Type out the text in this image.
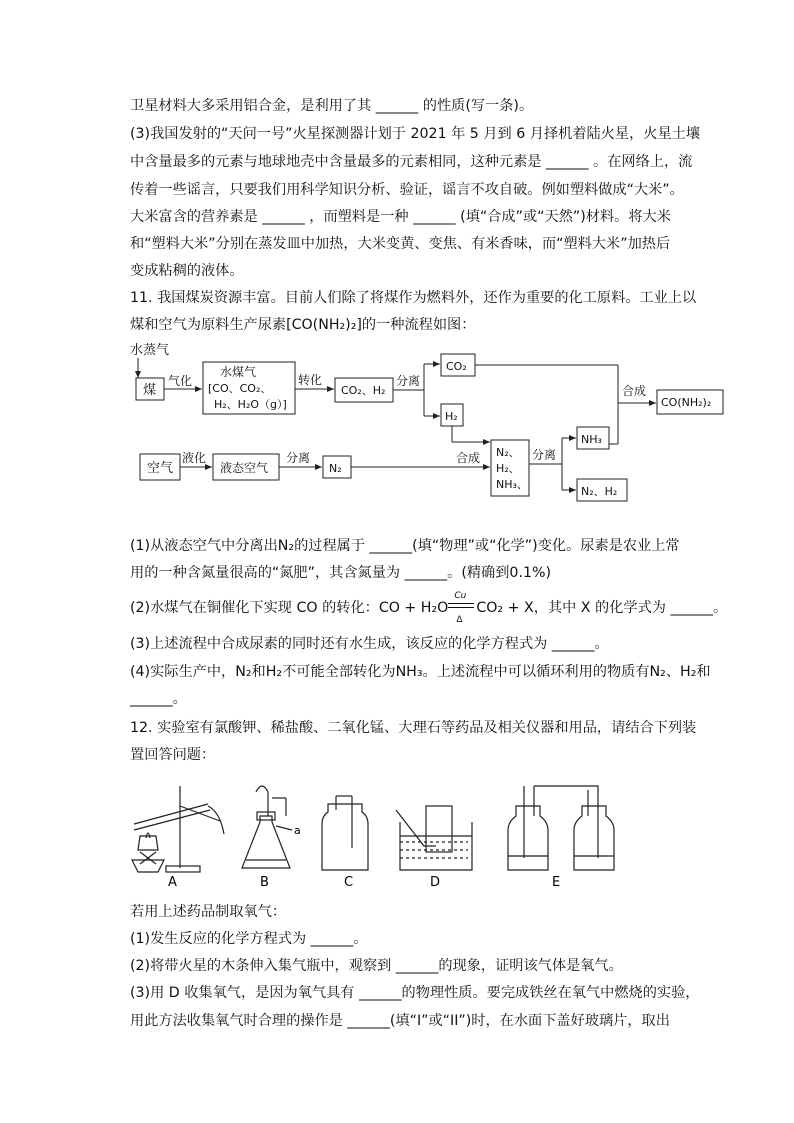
卫星材料大多采用铝合金，是利用了其 ______ 的性质(写一条)。
(3)我国发射的“天问一号”火星探测器计划于 2021 年 5 月到 6 月择机着陆火星，火星土壤
中含量最多的元素与地球地壳中含量最多的元素相同，这种元素是 ______ 。在网络上，流
传着一些谣言，只要我们用科学知识分析、验证，谣言不攻自破。例如塑料做成“大米”。
大米富含的营养素是 ______ ，而塑料是一种 ______ (填“合成”或“天然”)材料。将大米
和“塑料大米”分别在蒸发皿中加热，大米变黄、变焦、有米香味，而“塑料大米”加热后
变成粘稠的液体。
11. 我国煤炭资源丰富。目前人们除了将煤作为燃料外，还作为重要的化工原料。工业上以
煤和空气为原料生产尿素[CO(NH₂)₂]的一种流程如图：
水蒸气
煤
气化
水煤气
[CO、CO₂、
H₂、H₂O（g）]
转化
CO₂、H₂
分离
CO₂
H₂
合成
CO(NH₂)₂
空气
液化
液态空气
分离
N₂
合成 N₂、
H₂、
NH₃、
分离
NH₃
N₂、H₂
(1)从液态空气中分离出N₂的过程属于 ______(填“物理”或“化学”)变化。尿素是农业上常
用的一种含氮量很高的“氮肥”，其含氮量为 ______。(精确到0.1%)
(2)水煤气在铜催化下实现 CO 的转化：CO + H₂O
Cu
Δ
CO₂ + X，其中 X 的化学式为 ______。
(3)上述流程中合成尿素的同时还有水生成，该反应的化学方程式为 ______。
(4)实际生产中，N₂和H₂不可能全部转化为NH₃。上述流程中可以循环利用的物质有N₂、H₂和
______。
12. 实验室有氯酸钾、稀盐酸、二氧化锰、大理石等药品及相关仪器和用品，请结合下列装
置回答问题：
A
a
B	C	D	E
若用上述药品制取氧气：
(1)发生反应的化学方程式为 ______。
(2)将带火星的木条伸入集气瓶中，观察到 ______的现象，证明该气体是氧气。
(3)用 D 收集氧气，是因为氧气具有 ______的物理性质。要完成铁丝在氧气中燃烧的实验，
用此方法收集氧气时合理的操作是 ______(填“I”或“II”)时，在水面下盖好玻璃片，取出
